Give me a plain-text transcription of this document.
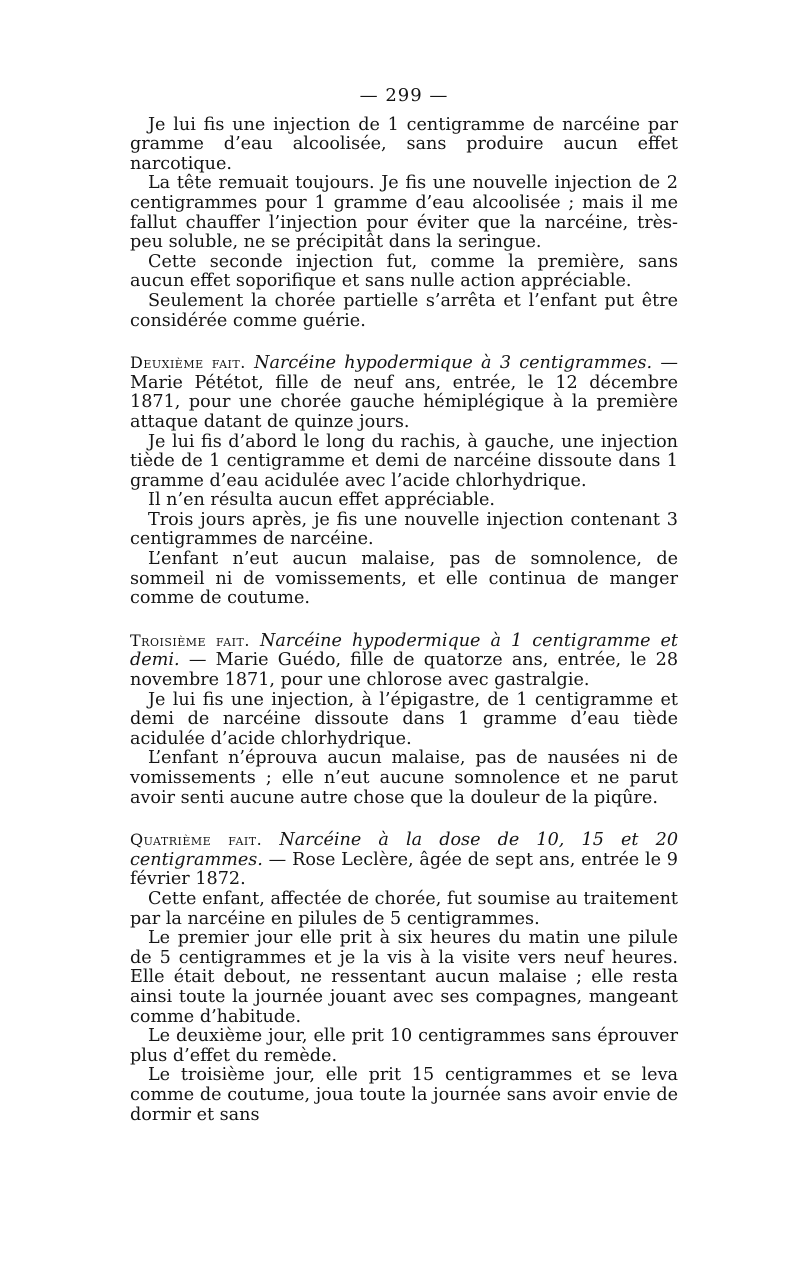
— 299 —

Je lui fis une injection de 1 centigramme de narcéine par gramme d’eau alcoolisée, sans produire aucun effet narcotique.

La tête remuait toujours. Je fis une nouvelle injection de 2 centigrammes pour 1 gramme d’eau alcoolisée ; mais il me fallut chauffer l’injection pour éviter que la narcéine, très-peu soluble, ne se précipitât dans la seringue.

Cette seconde injection fut, comme la première, sans aucun effet soporifique et sans nulle action appréciable.

Seulement la chorée partielle s’arrêta et l’enfant put être considérée comme guérie.

Deuxième fait. Narcéine hypodermique à 3 centigrammes. — Marie Pététot, fille de neuf ans, entrée, le 12 décembre 1871, pour une chorée gauche hémiplégique à la première attaque datant de quinze jours.

Je lui fis d’abord le long du rachis, à gauche, une injection tiède de 1 centigramme et demi de narcéine dissoute dans 1 gramme d’eau acidulée avec l’acide chlorhydrique.

Il n’en résulta aucun effet appréciable.

Trois jours après, je fis une nouvelle injection contenant 3 centigrammes de narcéine.

L’enfant n’eut aucun malaise, pas de somnolence, de sommeil ni de vomissements, et elle continua de manger comme de coutume.

Troisième fait. Narcéine hypodermique à 1 centigramme et demi. — Marie Guédo, fille de quatorze ans, entrée, le 28 novembre 1871, pour une chlorose avec gastralgie.

Je lui fis une injection, à l’épigastre, de 1 centigramme et demi de narcéine dissoute dans 1 gramme d’eau tiède acidulée d’acide chlorhydrique.

L’enfant n’éprouva aucun malaise, pas de nausées ni de vomissements ; elle n’eut aucune somnolence et ne parut avoir senti aucune autre chose que la douleur de la piqûre.

Quatrième fait. Narcéine à la dose de 10, 15 et 20 centigrammes. — Rose Leclère, âgée de sept ans, entrée le 9 février 1872.

Cette enfant, affectée de chorée, fut soumise au traitement par la narcéine en pilules de 5 centigrammes.

Le premier jour elle prit à six heures du matin une pilule de 5 centigrammes et je la vis à la visite vers neuf heures. Elle était debout, ne ressentant aucun malaise ; elle resta ainsi toute la journée jouant avec ses compagnes, mangeant comme d’habitude.

Le deuxième jour, elle prit 10 centigrammes sans éprouver plus d’effet du remède.

Le troisième jour, elle prit 15 centigrammes et se leva comme de coutume, joua toute la journée sans avoir envie de dormir et sans
